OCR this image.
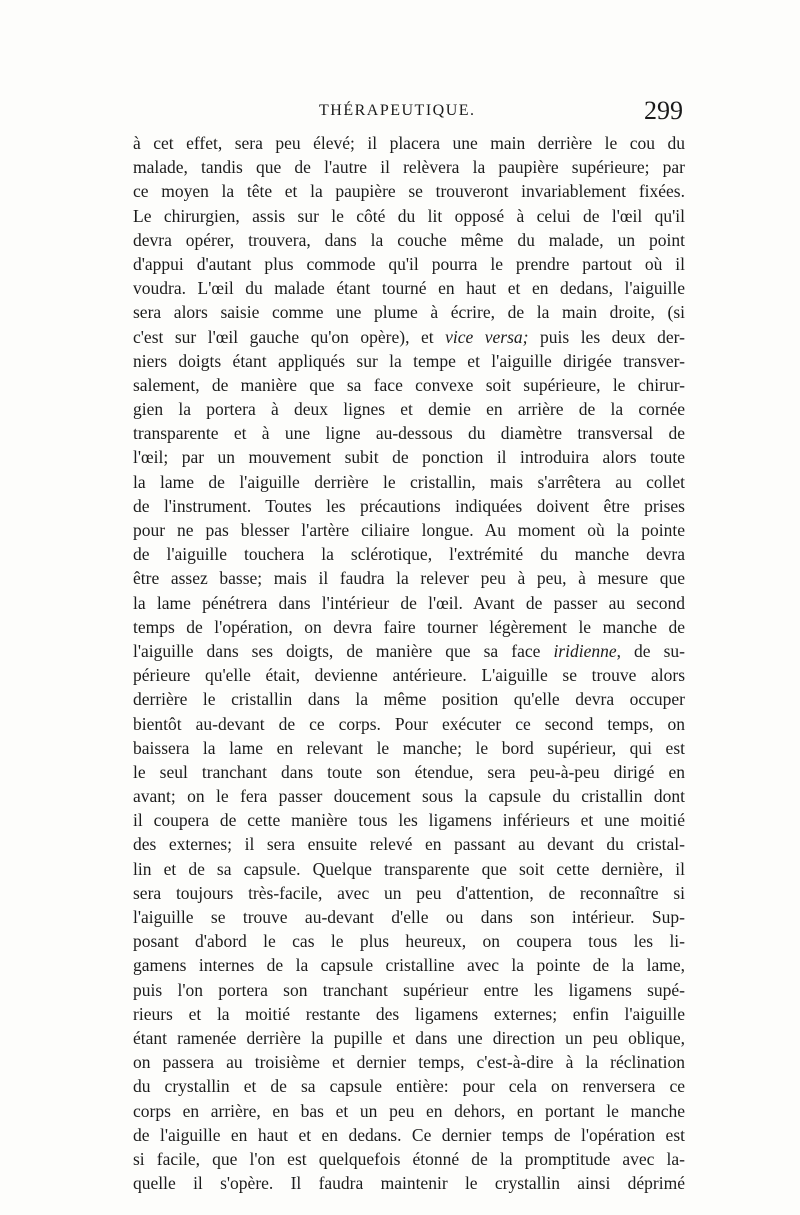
THÉRAPEUTIQUE.	299
à cet effet, sera peu élevé; il placera une main derrière le cou du
malade, tandis que de l'autre il relèvera la paupière supérieure; par
ce moyen la tête et la paupière se trouveront invariablement fixées.
Le chirurgien, assis sur le côté du lit opposé à celui de l'œil qu'il
devra opérer, trouvera, dans la couche même du malade, un point
d'appui d'autant plus commode qu'il pourra le prendre partout où il
voudra. L'œil du malade étant tourné en haut et en dedans, l'aiguille
sera alors saisie comme une plume à écrire, de la main droite, (si
c'est sur l'œil gauche qu'on opère), et vice versa; puis les deux der-
niers doigts étant appliqués sur la tempe et l'aiguille dirigée transver-
salement, de manière que sa face convexe soit supérieure, le chirur-
gien la portera à deux lignes et demie en arrière de la cornée
transparente et à une ligne au-dessous du diamètre transversal de
l'œil; par un mouvement subit de ponction il introduira alors toute
la lame de l'aiguille derrière le cristallin, mais s'arrêtera au collet
de l'instrument. Toutes les précautions indiquées doivent être prises
pour ne pas blesser l'artère ciliaire longue. Au moment où la pointe
de l'aiguille touchera la sclérotique, l'extrémité du manche devra
être assez basse; mais il faudra la relever peu à peu, à mesure que
la lame pénétrera dans l'intérieur de l'œil. Avant de passer au second
temps de l'opération, on devra faire tourner légèrement le manche de
l'aiguille dans ses doigts, de manière que sa face iridienne, de su-
périeure qu'elle était, devienne antérieure. L'aiguille se trouve alors
derrière le cristallin dans la même position qu'elle devra occuper
bientôt au-devant de ce corps. Pour exécuter ce second temps, on
baissera la lame en relevant le manche; le bord supérieur, qui est
le seul tranchant dans toute son étendue, sera peu-à-peu dirigé en
avant; on le fera passer doucement sous la capsule du cristallin dont
il coupera de cette manière tous les ligamens inférieurs et une moitié
des externes; il sera ensuite relevé en passant au devant du cristal-
lin et de sa capsule. Quelque transparente que soit cette dernière, il
sera toujours très-facile, avec un peu d'attention, de reconnaître si
l'aiguille se trouve au-devant d'elle ou dans son intérieur. Sup-
posant d'abord le cas le plus heureux, on coupera tous les li-
gamens internes de la capsule cristalline avec la pointe de la lame,
puis l'on portera son tranchant supérieur entre les ligamens supé-
rieurs et la moitié restante des ligamens externes; enfin l'aiguille
étant ramenée derrière la pupille et dans une direction un peu oblique,
on passera au troisième et dernier temps, c'est-à-dire à la réclination
du crystallin et de sa capsule entière: pour cela on renversera ce
corps en arrière, en bas et un peu en dehors, en portant le manche
de l'aiguille en haut et en dedans. Ce dernier temps de l'opération est
si facile, que l'on est quelquefois étonné de la promptitude avec la-
quelle il s'opère. Il faudra maintenir le crystallin ainsi déprimé
